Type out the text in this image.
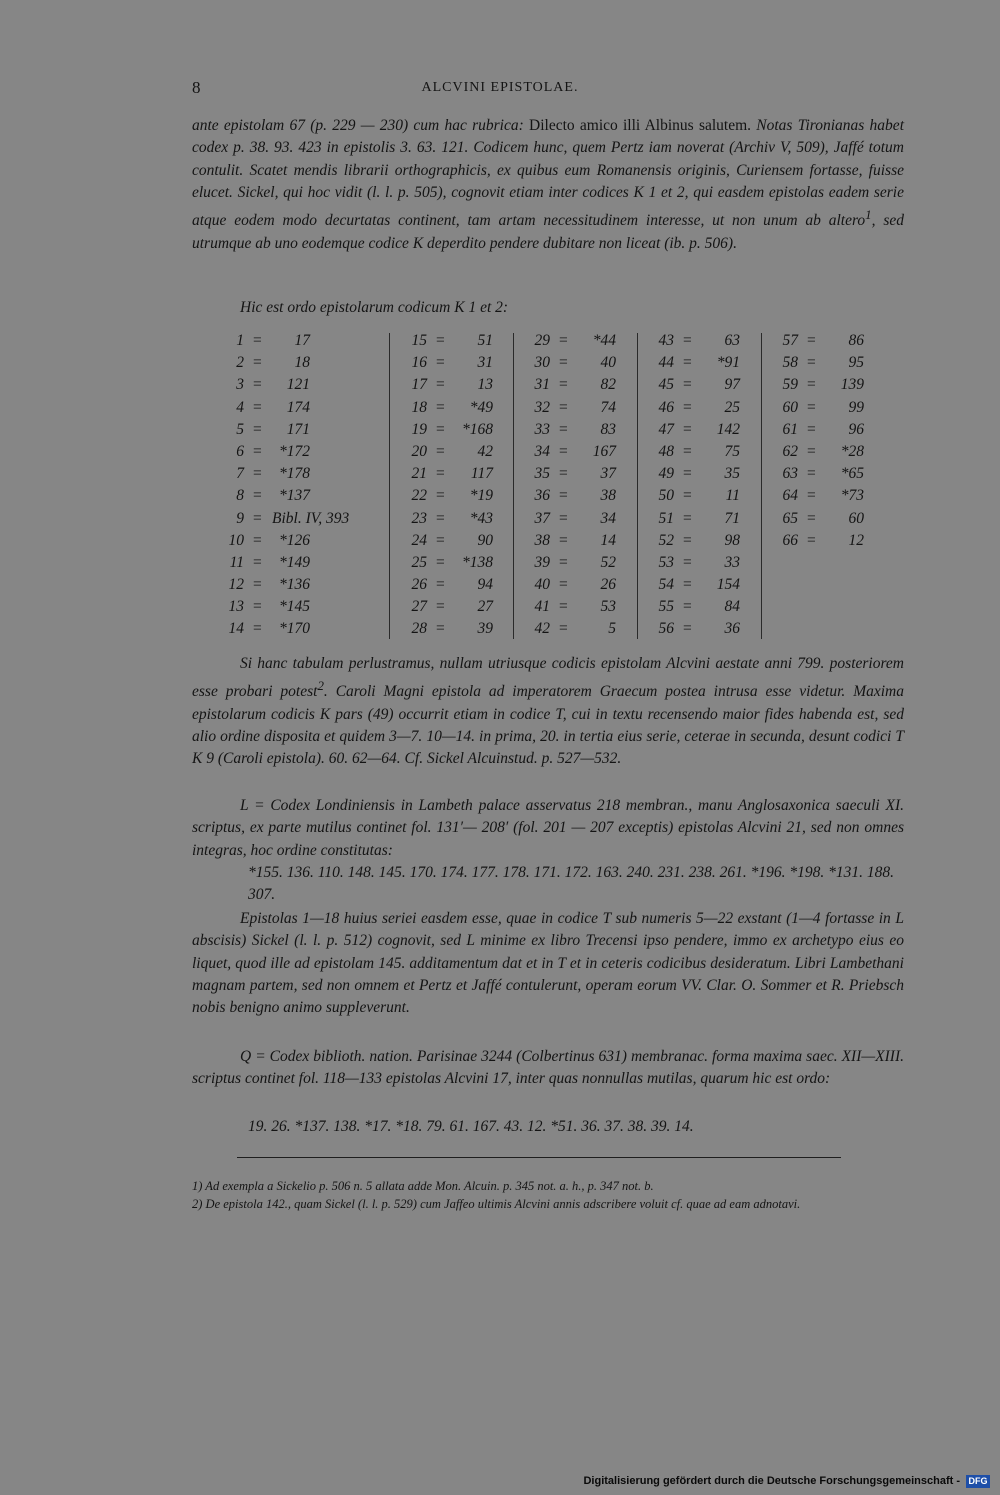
8	ALCVINI EPISTOLAE.
ante epistolam 67 (p. 229 — 230) cum hac rubrica: Dilecto amico illi Albinus salutem. Notas Tironianas habet codex p. 38. 93. 423 in epistolis 3. 63. 121. Codicem hunc, quem Pertz iam noverat (Archiv V, 509), Jaffé totum contulit. Scatet mendis librarii orthographicis, ex quibus eum Romanensis originis, Curiensem fortasse, fuisse elucet. Sickel, qui hoc vidit (l. l. p. 505), cognovit etiam inter codices K 1 et 2, qui easdem epistolas eadem serie atque eodem modo decurtatas continent, tam artam necessitudinem interesse, ut non unum ab altero$^1$, sed utrumque ab uno eodemque codice K deperdito pendere dubitare non liceat (ib. p. 506).
Hic est ordo epistolarum codicum K 1 et 2:
1 = 17
2 = 18
3 = 121
4 = 174
5 = 171
6 = *172
7 = *178
8 = *137
9 = Bibl. IV, 393
10 = *126
11 = *149
12 = *136
13 = *145
14 = *170
15 = 51
16 = 31
17 = 13
18 = *49
19 = *168
20 = 42
21 = 117
22 = *19
23 = *43
24 = 90
25 = *138
26 = 94
27 = 27
28 = 39
29 = *44
30 = 40
31 = 82
32 = 74
33 = 83
34 = 167
35 = 37
36 = 38
37 = 34
38 = 14
39 = 52
40 = 26
41 = 53
42 =	5
43 = 63
44 = *91
45 = 97
46 = 25
47 = 142
48 = 75
49 = 35
50 = 11
51 = 71
52 = 98
53 = 33
54 = 154
55 = 84
56 = 36
57 = 86
58 = 95
59 = 139
60 = 99
61 = 96
62 = *28
63 = *65
64 = *73
65 = 60
66 = 12
Si hanc tabulam perlustramus, nullam utriusque codicis epistolam Alcvini aestate anni 799. posteriorem esse probari potest$^2$. Caroli Magni epistola ad imperatorem Graecum postea intrusa esse videtur. Maxima epistolarum codicis K pars (49) occurrit etiam in codice T, cui in textu recensendo maior fides habenda est, sed alio ordine disposita et quidem 3—7. 10—14. in prima, 20. in tertia eius serie, ceterae in secunda, desunt codici T K 9 (Caroli epistola). 60. 62—64. Cf. Sickel Alcuinstud. p. 527—532.
L = Codex Londiniensis in Lambeth palace asservatus 218 membran., manu Anglosaxonica saeculi XI. scriptus, ex parte mutilus continet fol. 131′— 208′ (fol. 201 — 207 exceptis) epistolas Alcvini 21, sed non omnes integras, hoc ordine constitutas:
*155. 136. 110. 148. 145. 170. 174. 177. 178. 171. 172. 163. 240. 231. 238. 261. *196. *198. *131. 188. 307.
Epistolas 1—18 huius seriei easdem esse, quae in codice T sub numeris 5—22 exstant (1—4 fortasse in L abscisis) Sickel (l. l. p. 512) cognovit, sed L minime ex libro Trecensi ipso pendere, immo ex archetypo eius eo liquet, quod ille ad epistolam 145. additamentum dat et in T et in ceteris codicibus desideratum. Libri Lambethani magnam partem, sed non omnem et Pertz et Jaffé contulerunt, operam eorum VV. Clar. O. Sommer et R. Priebsch nobis benigno animo suppleverunt.
Q = Codex biblioth. nation. Parisinae 3244 (Colbertinus 631) membranac. forma maxima saec. XII—XIII. scriptus continet fol. 118—133 epistolas Alcvini 17, inter quas nonnullas mutilas, quarum hic est ordo:
19. 26. *137. 138. *17. *18. 79. 61. 167. 43. 12. *51. 36. 37. 38. 39. 14.
1) Ad exempla a Sickelio p. 506 n. 5 allata adde Mon. Alcuin. p. 345 not. a. h., p. 347 not. b.
2) De epistola 142., quam Sickel (l. l. p. 529) cum Jaffeo ultimis Alcvini annis adscribere voluit cf. quae ad eam adnotavi.
Digitalisierung gefördert durch die Deutsche Forschungsgemeinschaft - DFG
